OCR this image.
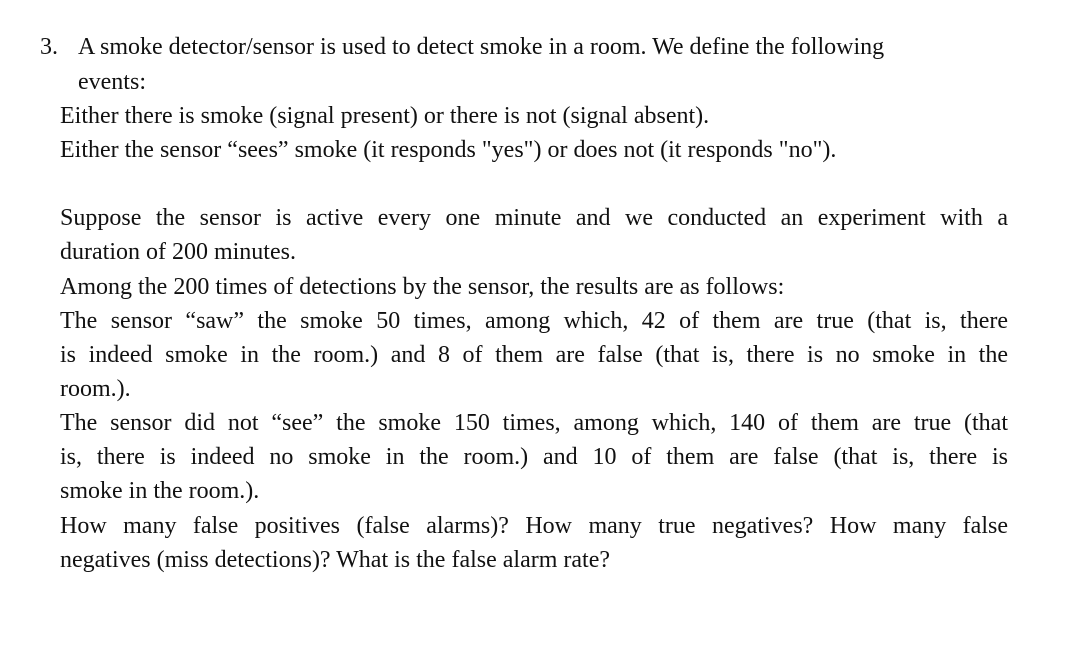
3. A smoke detector/sensor is used to detect smoke in a room. We define the following
events:
Either there is smoke (signal present) or there is not (signal absent).
Either the sensor “sees” smoke (it responds "yes") or does not (it responds "no").
Suppose the sensor is active every one minute and we conducted an experiment with a
duration of 200 minutes.
Among the 200 times of detections by the sensor, the results are as follows:
The sensor “saw” the smoke 50 times, among which, 42 of them are true (that is, there
is indeed smoke in the room.) and 8 of them are false (that is, there is no smoke in the
room.).
The sensor did not “see” the smoke 150 times, among which, 140 of them are true (that
is, there is indeed no smoke in the room.) and 10 of them are false (that is, there is
smoke in the room.).
How many false positives (false alarms)? How many true negatives? How many false
negatives (miss detections)? What is the false alarm rate?
